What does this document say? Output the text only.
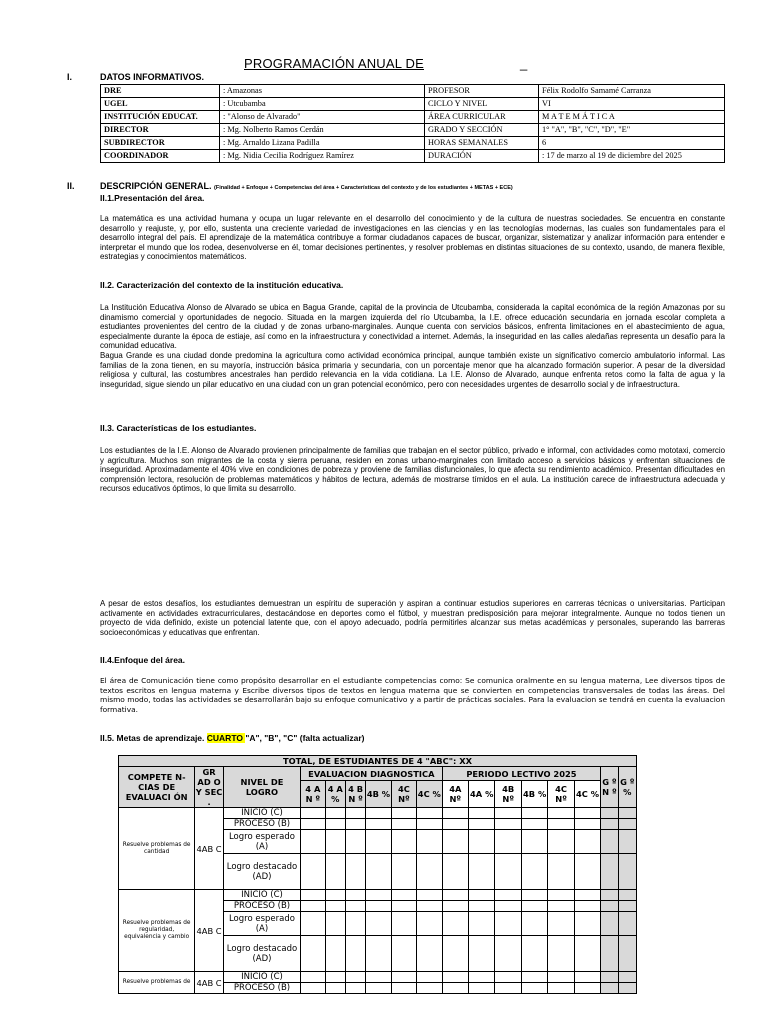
PROGRAMACIÓN ANUAL DE	_
I.	DATOS INFORMATIVOS.
DRE	: Amazonas	PROFESOR	Félix Rodolfo Samamé Carranza
UGEL	: Utcubamba	CICLO Y NIVEL	VI
INSTITUCIÓN EDUCAT.	: "Alonso de Alvarado"	ÁREA CURRICULAR	M A T E M Á T I C A
DIRECTOR	: Mg. Nolberto Ramos Cerdán	GRADO Y SECCIÓN	1° "A", "B", "C", "D", "E"
SUBDIRECTOR	: Mg. Arnaldo Lizana Padilla	HORAS SEMANALES	6
COORDINADOR	: Mg. Nidia Cecilia Rodríguez Ramírez	DURACIÓN	: 17 de marzo al 19 de diciembre del 2025
II.	DESCRIPCIÓN GENERAL. (Finalidad + Enfoque + Competencias del área + Características del contexto y de los estudiantes + METAS + ECE)
II.1.Presentación del área.

La matemática es una actividad humana y ocupa un lugar relevante en el desarrollo del conocimiento y de la cultura de nuestras sociedades. Se encuentra en constante desarrollo y reajuste, y, por ello, sustenta una creciente variedad de investigaciones en las ciencias y en las tecnologías modernas, las cuales son fundamentales para el desarrollo integral del país. El aprendizaje de la matemática contribuye a formar ciudadanos capaces de buscar, organizar, sistematizar y analizar información para entender e interpretar el mundo que los rodea, desenvolverse en él, tomar decisiones pertinentes, y resolver problemas en distintas situaciones de su contexto, usando, de manera flexible, estrategias y conocimientos matemáticos.

II.2. Caracterización del contexto de la institución educativa.

La Institución Educativa Alonso de Alvarado se ubica en Bagua Grande, capital de la provincia de Utcubamba, considerada la capital económica de la región Amazonas por su dinamismo comercial y oportunidades de negocio. Situada en la margen izquierda del río Utcubamba, la I.E. ofrece educación secundaria en jornada escolar completa a estudiantes provenientes del centro de la ciudad y de zonas urbano-marginales. Aunque cuenta con servicios básicos, enfrenta limitaciones en el abastecimiento de agua, especialmente durante la época de estiaje, así como en la infraestructura y conectividad a internet. Además, la inseguridad en las calles aledañas representa un desafío para la comunidad educativa.

Bagua Grande es una ciudad donde predomina la agricultura como actividad económica principal, aunque también existe un significativo comercio ambulatorio informal. Las familias de la zona tienen, en su mayoría, instrucción básica primaria y secundaria, con un porcentaje menor que ha alcanzado formación superior. A pesar de la diversidad religiosa y cultural, las costumbres ancestrales han perdido relevancia en la vida cotidiana. La I.E. Alonso de Alvarado, aunque enfrenta retos como la falta de agua y la inseguridad, sigue siendo un pilar educativo en una ciudad con un gran potencial económico, pero con necesidades urgentes de desarrollo social y de infraestructura.

II.3. Características de los estudiantes.

Los estudiantes de la I.E. Alonso de Alvarado provienen principalmente de familias que trabajan en el sector público, privado e informal, con actividades como mototaxi, comercio y agricultura. Muchos son migrantes de la costa y sierra peruana, residen en zonas urbano-marginales con limitado acceso a servicios básicos y enfrentan situaciones de inseguridad. Aproximadamente el 40% vive en condiciones de pobreza y proviene de familias disfuncionales, lo que afecta su rendimiento académico. Presentan dificultades en comprensión lectora, resolución de problemas matemáticos y hábitos de lectura, además de mostrarse tímidos en el aula. La institución carece de infraestructura adecuada y recursos educativos óptimos, lo que limita su desarrollo.

A pesar de estos desafíos, los estudiantes demuestran un espíritu de superación y aspiran a continuar estudios superiores en carreras técnicas o universitarias. Participan activamente en actividades extracurriculares, destacándose en deportes como el fútbol, y muestran predisposición para mejorar integralmente. Aunque no todos tienen un proyecto de vida definido, existe un potencial latente que, con el apoyo adecuado, podría permitirles alcanzar sus metas académicas y personales, superando las barreras socioeconómicas y educativas que enfrentan.

II.4.Enfoque del área.

El área de Comunicación tiene como propósito desarrollar en el estudiante competencias como: Se comunica oralmente en su lengua materna, Lee diversos tipos de textos escritos en lengua materna y Escribe diversos tipos de textos en lengua materna que se convierten en competencias transversales de todas las áreas. Del mismo modo, todas las actividades se desarrollarán bajo su enfoque comunicativo y a partir de prácticas sociales. Para la evaluacion se tendrá en cuenta la evaluacion formativa.

II.5. Metas de aprendizaje. CUARTO "A", "B", "C" (falta actualizar)
TOTAL, DE ESTUDIANTES DE 4 "ABC": XX																
COMPETE N-CIAS DE EVALUACI ÓN	GR AD O Y SEC .	NIVEL DE LOGRO	EVALUACION DIAGNOSTICA						PERIODO LECTIVO 2025						G º N º	G º %
			4 A N º	4 A %	4 B N º	4B %	4C Nº	4C %	4A Nº	4A %	4B Nº	4B %	4C Nº	4C %		
Resuelve problemas de cantidad	4AB C	INICIO (C)														
		PROCESO (B)														
		Logro esperado (A)														
		Logro destacado (AD)														
Resuelve problemas de regularidad, equivalencia y cambio	4AB C	INICIO (C)														
		PROCESO (B)														
		Logro esperado (A)														
		Logro destacado (AD)														
Resuelve problemas de	4AB C	INICIO (C)														
		PROCESO (B)														
